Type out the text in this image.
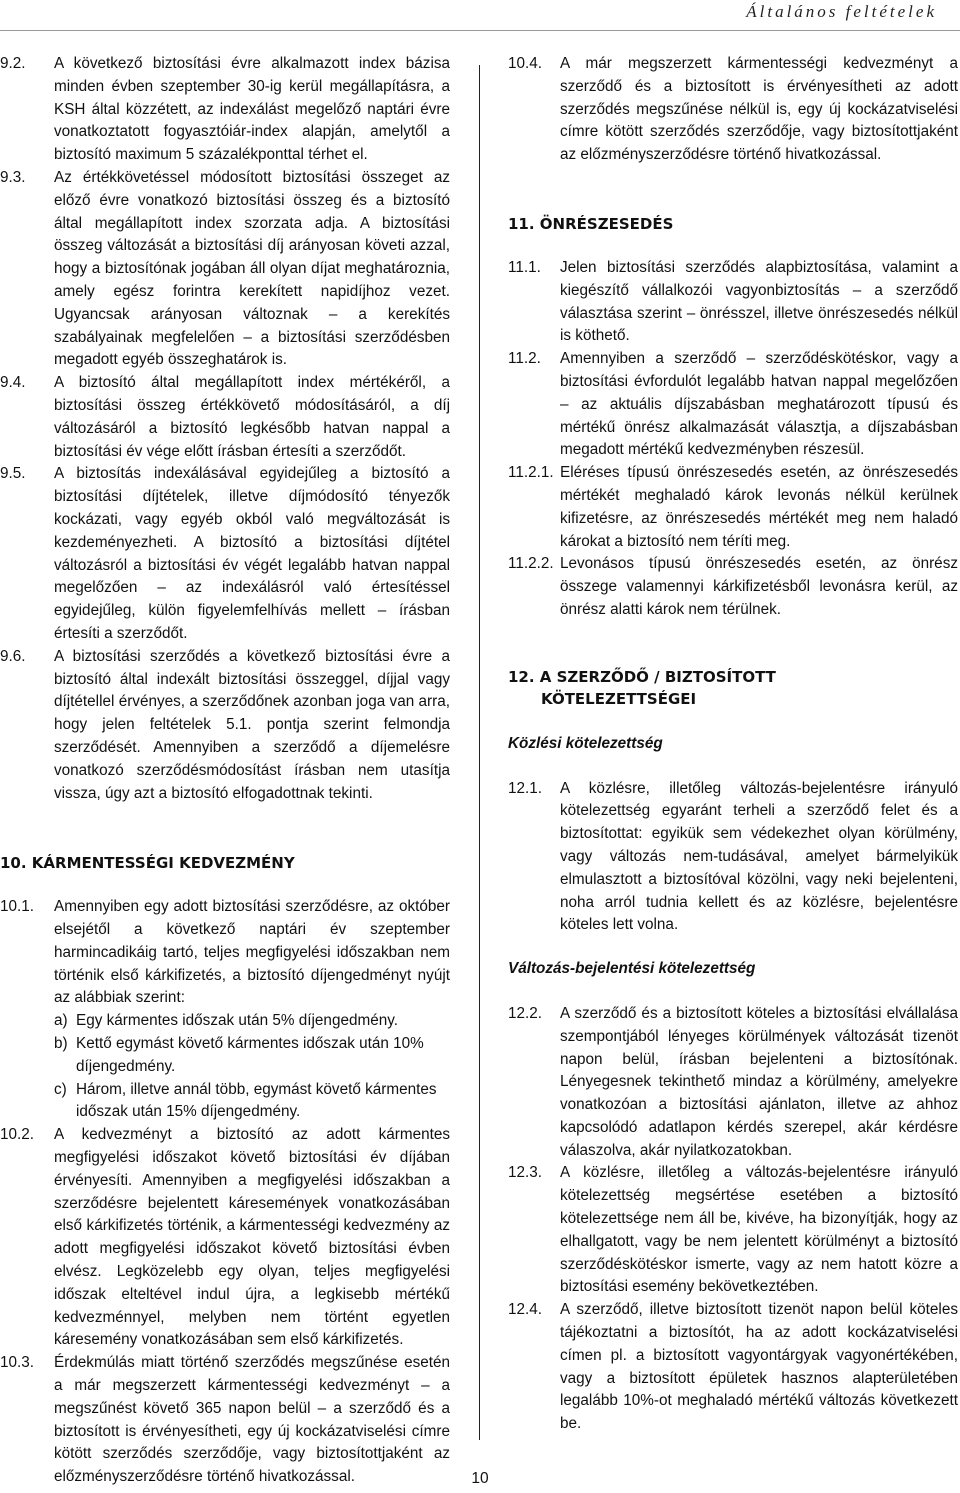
Általános feltételek
9.2.	A következő biztosítási évre alkalmazott index bázisa minden évben szeptember 30-ig kerül megállapításra, a KSH által közzétett, az indexálást megelőző naptári évre vonatkoztatott fogyasztóiár-index alapján, amelytől a biztosító maximum 5 százalékponttal térhet el.
9.3.	Az értékkövetéssel módosított biztosítási összeget az előző évre vonatkozó biztosítási összeg és a biztosító által megállapított index szorzata adja. A biztosítási összeg változását a biztosítási díj arányosan követi azzal, hogy a biztosítónak jogában áll olyan díjat meghatároznia, amely egész forintra kerekített napidíjhoz vezet. Ugyancsak arányosan változnak – a kerekítés szabályainak megfelelően – a biztosítási szerződésben megadott egyéb összeghatárok is.
9.4.	A biztosító által megállapított index mértékéről, a biztosítási összeg értékkövető módosításáról, a díj változásáról a biztosító legkésőbb hatvan nappal a biztosítási év vége előtt írásban értesíti a szerződőt.
9.5.	A biztosítás indexálásával egyidejűleg a biztosító a biztosítási díjtételek, illetve díjmódosító tényezők kockázati, vagy egyéb okból való megváltozását is kezdeményezheti. A biztosító a biztosítási díjtétel változásról a biztosítási év végét legalább hatvan nappal megelőzően – az indexálásról való értesítéssel egyidejűleg, külön figyelemfelhívás mellett – írásban értesíti a szerződőt.
9.6.	A biztosítási szerződés a következő biztosítási évre a biztosító által indexált biztosítási összeggel, díjjal vagy díjtétellel érvényes, a szerződőnek azonban joga van arra, hogy jelen feltételek 5.1. pontja szerint felmondja szerződését. Amennyiben a szerződő a díjemelésre vonatkozó szerződésmódosítást írásban nem utasítja vissza, úgy azt a biztosító elfogadottnak tekinti.
10. KÁRMENTESSÉGI KEDVEZMÉNY
10.1.	Amennyiben egy adott biztosítási szerződésre, az október elsejétől a következő naptári év szeptember harmincadikáig tartó, teljes megfigyelési időszakban nem történik első kárkifizetés, a biztosító díjengedményt nyújt az alábbiak szerint:
a) Egy kármentes időszak után 5% díjengedmény.
b) Kettő egymást követő kármentes időszak után 10% díjengedmény.
c) Három, illetve annál több, egymást követő kármentes időszak után 15% díjengedmény.
10.2.	A kedvezményt a biztosító az adott kármentes megfigyelési időszakot követő biztosítási év díjában érvényesíti. Amennyiben a megfigyelési időszakban a szerződésre bejelentett káresemények vonatkozásában első kárkifizetés történik, a kármentességi kedvezmény az adott megfigyelési időszakot követő biztosítási évben elvész. Legközelebb egy olyan, teljes megfigyelési időszak elteltével indul újra, a legkisebb mértékű kedvezménnyel, melyben nem történt egyetlen káresemény vonatkozásában sem első kárkifizetés.
10.3.	Érdekmúlás miatt történő szerződés megszűnése esetén a már megszerzett kármentességi kedvezményt – a megszűnést követő 365 napon belül – a szerződő és a biztosított is érvényesítheti, egy új kockázatviselési címre kötött szerződés szerződője, vagy biztosítottjaként az előzményszerződésre történő hivatkozással.
10.4.	A már megszerzett kármentességi kedvezményt a szerződő és a biztosított is érvényesítheti az adott szerződés megszűnése nélkül is, egy új kockázatviselési címre kötött szerződés szerződője, vagy biztosítottjaként az előzményszerződésre történő hivatkozással.
11. ÖNRÉSZESEDÉS
11.1.	Jelen biztosítási szerződés alapbiztosítása, valamint a kiegészítő vállalkozói vagyonbiztosítás – a szerződő választása szerint – önrésszel, illetve önrészesedés nélkül is köthető.
11.2.	Amennyiben a szerződő – szerződéskötéskor, vagy a biztosítási évfordulót legalább hatvan nappal megelőzően – az aktuális díjszabásban meghatározott típusú és mértékű önrész alkalmazását választja, a díjszabásban megadott mértékű kedvezményben részesül.
11.2.1. Eléréses típusú önrészesedés esetén, az önrészesedés mértékét meghaladó károk levonás nélkül kerülnek kifizetésre, az önrészesedés mértékét meg nem haladó károkat a biztosító nem téríti meg.
11.2.2. Levonásos típusú önrészesedés esetén, az önrész összege valamennyi kárkifizetésből levonásra kerül, az önrész alatti károk nem térülnek.
12. A SZERZŐDŐ / BIZTOSÍTOTT
KÖTELEZETTSÉGEI
Közlési kötelezettség
12.1.	A közlésre, illetőleg változás-bejelentésre irányuló kötelezettség egyaránt terheli a szerződő felet és a biztosítottat: egyikük sem védekezhet olyan körülmény, vagy változás nem-tudásával, amelyet bármelyikük elmulasztott a biztosítóval közölni, vagy neki bejelenteni, noha arról tudnia kellett és az közlésre, bejelentésre köteles lett volna.
Változás-bejelentési kötelezettség
12.2.	A szerződő és a biztosított köteles a biztosítási elvállalása szempontjából lényeges körülmények változását tizenöt napon belül, írásban bejelenteni a biztosítónak. Lényegesnek tekinthető mindaz a körülmény, amelyekre vonatkozóan a biztosítási ajánlaton, illetve az ahhoz kapcsolódó adatlapon kérdés szerepel, akár kérdésre válaszolva, akár nyilatkozatokban.
12.3.	A közlésre, illetőleg a változás-bejelentésre irányuló kötelezettség megsértése esetében a biztosító kötelezettsége nem áll be, kivéve, ha bizonyítják, hogy az elhallgatott, vagy be nem jelentett körülményt a biztosító szerződéskötéskor ismerte, vagy az nem hatott közre a biztosítási esemény bekövetkeztében.
12.4.	A szerződő, illetve biztosított tizenöt napon belül köteles tájékoztatni a biztosítót, ha az adott kockázatviselési címen pl. a biztosított vagyontárgyak vagyonértékében, vagy a biztosított épületek hasznos alapterületében legalább 10%-ot meghaladó mértékű változás következett be.
10
